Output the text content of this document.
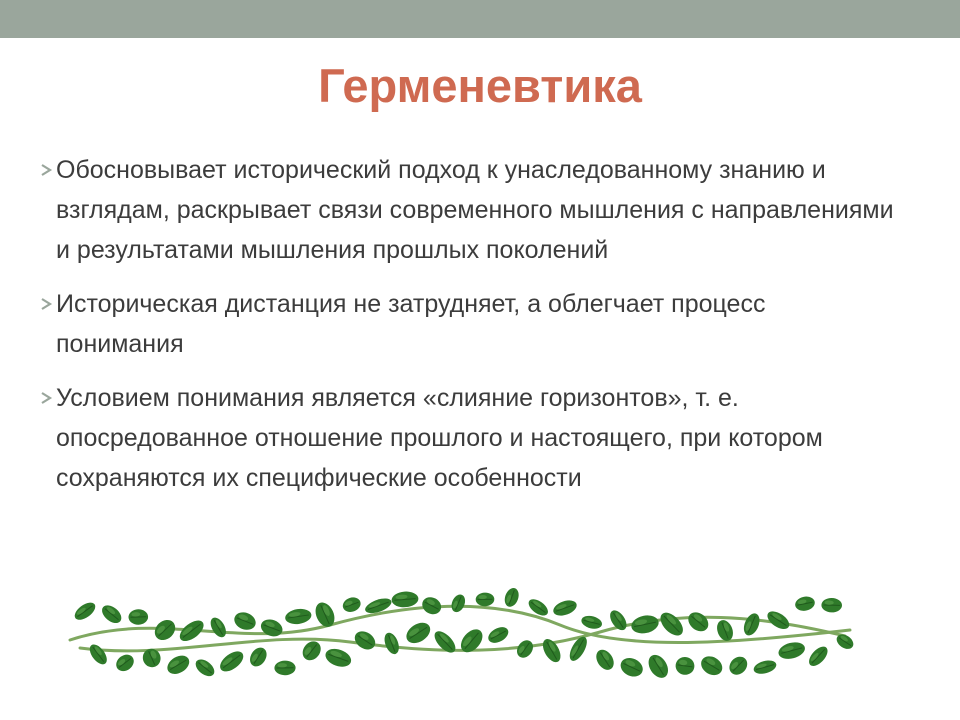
Герменевтика
Обосновывает исторический подход к унаследованному знанию и взглядам, раскрывает связи современного мышления с направлениями и результатами мышления прошлых поколений
Историческая дистанция не затрудняет, а облегчает процесс понимания
Условием понимания является «слияние горизонтов», т. е. опосредованное отношение прошлого и настоящего, при котором сохраняются их специфические особенности
